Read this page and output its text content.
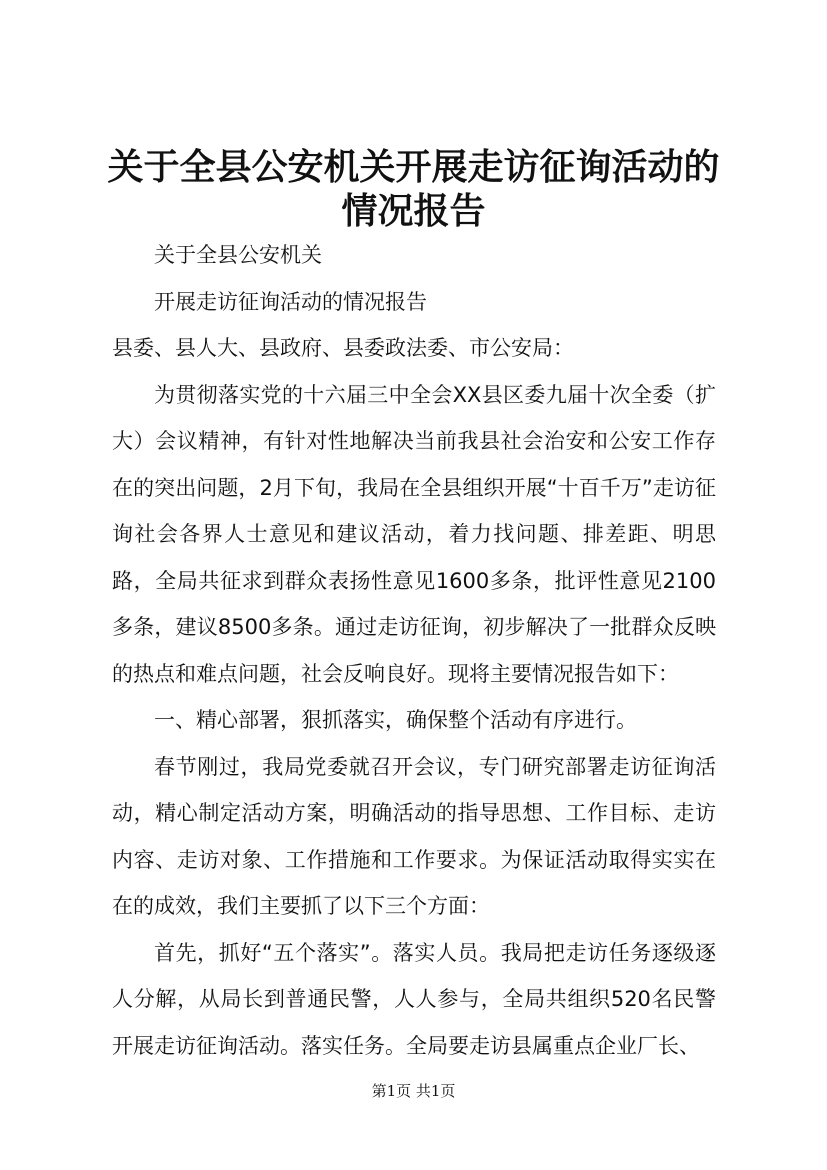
关于全县公安机关开展走访征询活动的情况报告

关于全县公安机关

开展走访征询活动的情况报告

县委、县人大、县政府、县委政法委、市公安局：

为贯彻落实党的十六届三中全会XX县区委九届十次全委（扩大）会议精神，有针对性地解决当前我县社会治安和公安工作存在的突出问题，2月下旬，我局在全县组织开展“十百千万”走访征询社会各界人士意见和建议活动，着力找问题、排差距、明思路，全局共征求到群众表扬性意见1600多条，批评性意见2100多条，建议8500多条。通过走访征询，初步解决了一批群众反映的热点和难点问题，社会反响良好。现将主要情况报告如下：

一、精心部署，狠抓落实，确保整个活动有序进行。

春节刚过，我局党委就召开会议，专门研究部署走访征询活动，精心制定活动方案，明确活动的指导思想、工作目标、走访内容、走访对象、工作措施和工作要求。为保证活动取得实实在在的成效，我们主要抓了以下三个方面：

首先，抓好“五个落实”。落实人员。我局把走访任务逐级逐人分解，从局长到普通民警，人人参与，全局共组织520名民警开展走访征询活动。落实任务。全局要走访县属重点企业厂长、

第1页 共1页
